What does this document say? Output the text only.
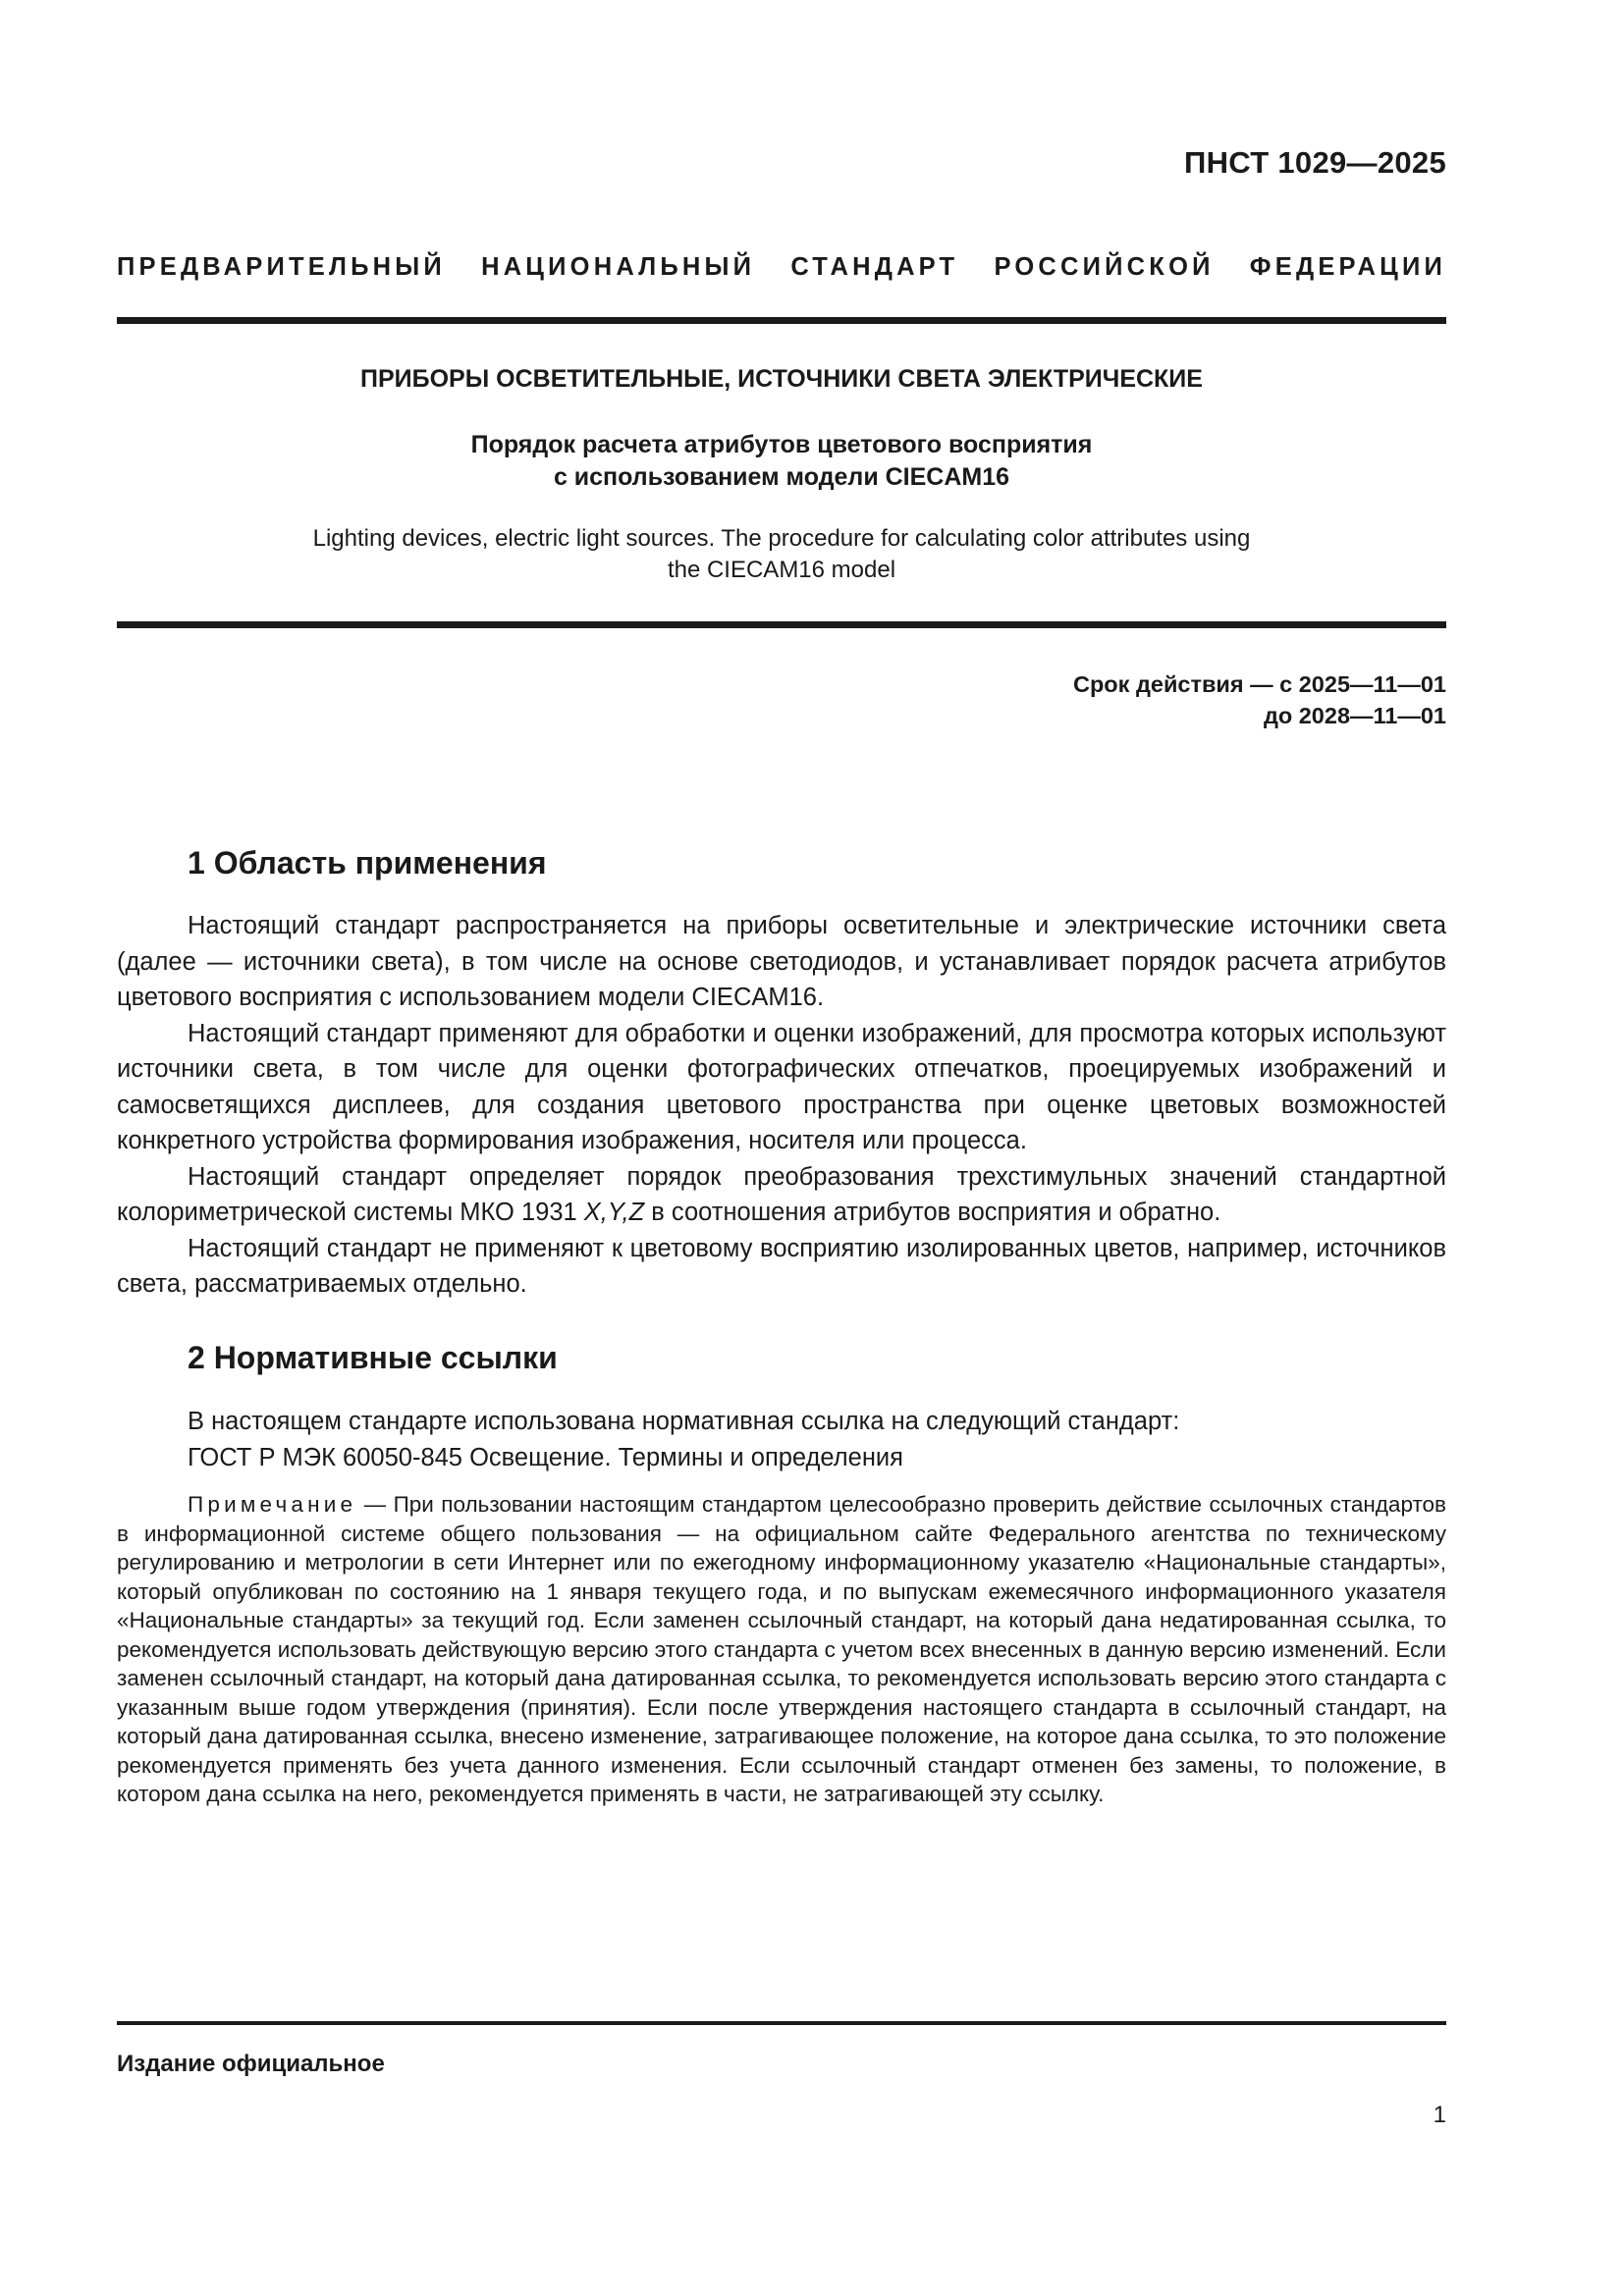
ПНСТ 1029—2025
ПРЕДВАРИТЕЛЬНЫЙ НАЦИОНАЛЬНЫЙ СТАНДАРТ РОССИЙСКОЙ ФЕДЕРАЦИИ
ПРИБОРЫ ОСВЕТИТЕЛЬНЫЕ, ИСТОЧНИКИ СВЕТА ЭЛЕКТРИЧЕСКИЕ
Порядок расчета атрибутов цветового восприятия
с использованием модели CIECAM16
Lighting devices, electric light sources. The procedure for calculating color attributes using
the CIECAM16 model
Срок действия — с 2025—11—01
до 2028—11—01
1 Область применения

Настоящий стандарт распространяется на приборы осветительные и электрические источники света (далее — источники света), в том числе на основе светодиодов, и устанавливает порядок расчета атрибутов цветового восприятия с использованием модели CIECAM16.

Настоящий стандарт применяют для обработки и оценки изображений, для просмотра которых используют источники света, в том числе для оценки фотографических отпечатков, проецируемых изображений и самосветящихся дисплеев, для создания цветового пространства при оценке цветовых возможностей конкретного устройства формирования изображения, носителя или процесса.

Настоящий стандарт определяет порядок преобразования трехстимульных значений стандартной колориметрической системы МКО 1931 X,Y,Z в соотношения атрибутов восприятия и обратно.

Настоящий стандарт не применяют к цветовому восприятию изолированных цветов, например, источников света, рассматриваемых отдельно.

2 Нормативные ссылки

В настоящем стандарте использована нормативная ссылка на следующий стандарт:

ГОСТ Р МЭК 60050-845 Освещение. Термины и определения

Примечание — При пользовании настоящим стандартом целесообразно проверить действие ссылочных стандартов в информационной системе общего пользования — на официальном сайте Федерального агентства по техническому регулированию и метрологии в сети Интернет или по ежегодному информационному указателю «Национальные стандарты», который опубликован по состоянию на 1 января текущего года, и по выпускам ежемесячного информационного указателя «Национальные стандарты» за текущий год. Если заменен ссылочный стандарт, на который дана недатированная ссылка, то рекомендуется использовать действующую версию этого стандарта с учетом всех внесенных в данную версию изменений. Если заменен ссылочный стандарт, на который дана датированная ссылка, то рекомендуется использовать версию этого стандарта с указанным выше годом утверждения (принятия). Если после утверждения настоящего стандарта в ссылочный стандарт, на который дана датированная ссылка, внесено изменение, затрагивающее положение, на которое дана ссылка, то это положение рекомендуется применять без учета данного изменения. Если ссылочный стандарт отменен без замены, то положение, в котором дана ссылка на него, рекомендуется применять в части, не затрагивающей эту ссылку.
Издание официальное
1
